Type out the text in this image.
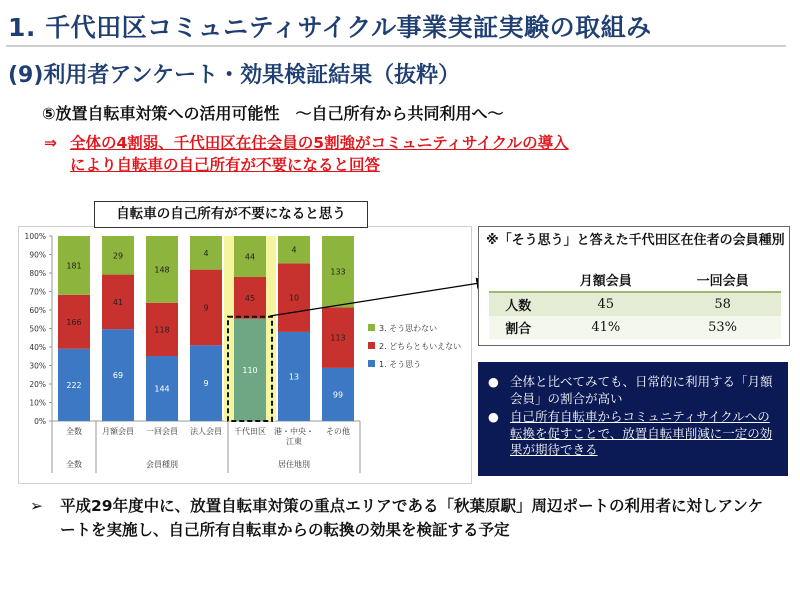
1. 千代田区コミュニティサイクル事業実証実験の取組み
(9)利用者アンケート・効果検証結果（抜粋）
⑤放置自転車対策への活用可能性　～自己所有から共同利用へ～
⇒ 全体の4割弱、千代田区在住会員の5割強がコミュニティサイクルの導入
により自転車の自己所有が不要になると回答
0%
10%
20%
30%
40%
50%
60%
70%
80%
90%
100%
222
166
181
全数
69
41
29
月額会員
144
118
148
一回会員
9
9
4
法人会員
110
45
44
千代田区
13
10
4
港・中央・
江東
99
113
133
その他
全数	会員種別	居住地別
3. そう思わない
2. どちらともいえない
1. そう思う
自転車の自己所有が不要になると思う
※「そう思う」と答えた千代田区在住者の会員種別
	月額会員	一回会員
人数	45	58
割合	41%	53%
● 全体と比べてみても、日常的に利用する「月額会員」の割合が高い
● 自己所有自転車からコミュニティサイクルへの転換を促すことで、放置自転車削減に一定の効果が期待できる
➢	平成29年度中に、放置自転車対策の重点エリアである「秋葉原駅」周辺ポートの利用者に対しアンケートを実施し、自己所有自転車からの転換の効果を検証する予定
